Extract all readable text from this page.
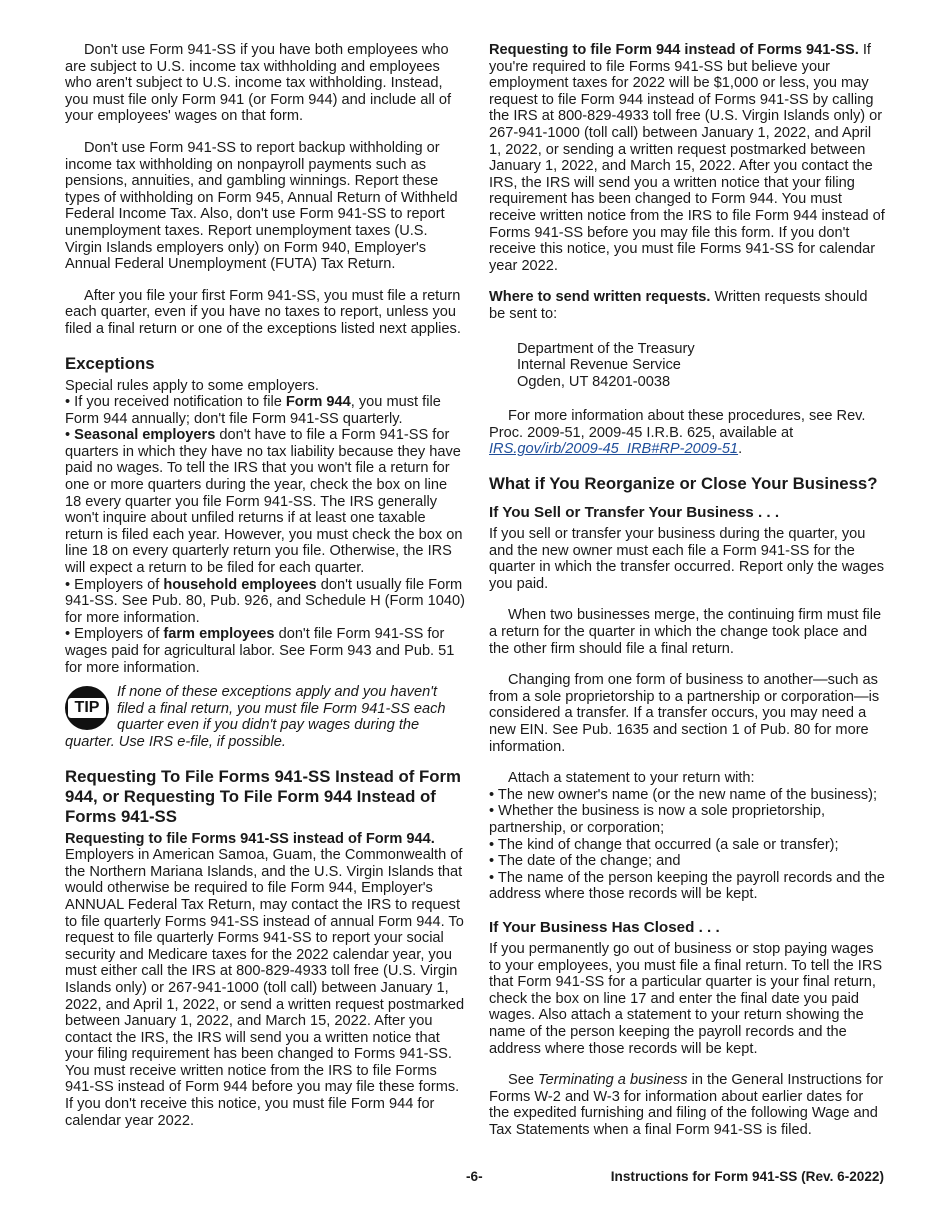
Don't use Form 941-SS if you have both employees who are subject to U.S. income tax withholding and employees who aren't subject to U.S. income tax withholding. Instead, you must file only Form 941 (or Form 944) and include all of your employees' wages on that form.

Don't use Form 941-SS to report backup withholding or income tax withholding on nonpayroll payments such as pensions, annuities, and gambling winnings. Report these types of withholding on Form 945, Annual Return of Withheld Federal Income Tax. Also, don't use Form 941-SS to report unemployment taxes. Report unemployment taxes (U.S. Virgin Islands employers only) on Form 940, Employer's Annual Federal Unemployment (FUTA) Tax Return.

After you file your first Form 941-SS, you must file a return each quarter, even if you have no taxes to report, unless you filed a final return or one of the exceptions listed next applies.

Exceptions
Special rules apply to some employers.
• If you received notification to file Form 944, you must file Form 944 annually; don't file Form 941-SS quarterly.
• Seasonal employers don't have to file a Form 941-SS for quarters in which they have no tax liability because they have paid no wages. To tell the IRS that you won't file a return for one or more quarters during the year, check the box on line 18 every quarter you file Form 941-SS. The IRS generally won't inquire about unfiled returns if at least one taxable return is filed each year. However, you must check the box on line 18 on every quarterly return you file. Otherwise, the IRS will expect a return to be filed for each quarter.
• Employers of household employees don't usually file Form 941-SS. See Pub. 80, Pub. 926, and Schedule H (Form 1040) for more information.
• Employers of farm employees don't file Form 941-SS for wages paid for agricultural labor. See Form 943 and Pub. 51 for more information.
TIP
If none of these exceptions apply and you haven't filed a final return, you must file Form 941-SS each quarter even if you didn't pay wages during the quarter. Use IRS e-file, if possible.
Requesting To File Forms 941-SS Instead of Form 944, or Requesting To File Form 944 Instead of Forms 941-SS

Requesting to file Forms 941-SS instead of Form 944. Employers in American Samoa, Guam, the Commonwealth of the Northern Mariana Islands, and the U.S. Virgin Islands that would otherwise be required to file Form 944, Employer's ANNUAL Federal Tax Return, may contact the IRS to request to file quarterly Forms 941-SS instead of annual Form 944. To request to file quarterly Forms 941-SS to report your social security and Medicare taxes for the 2022 calendar year, you must either call the IRS at 800-829-4933 toll free (U.S. Virgin Islands only) or 267-941-1000 (toll call) between January 1, 2022, and April 1, 2022, or send a written request postmarked between January 1, 2022, and March 15, 2022. After you contact the IRS, the IRS will send you a written notice that your filing requirement has been changed to Forms 941-SS. You must receive written notice from the IRS to file Forms 941-SS instead of Form 944 before you may file these forms. If you don't receive this notice, you must file Form 944 for calendar year 2022.

Requesting to file Form 944 instead of Forms 941-SS. If you're required to file Forms 941-SS but believe your employment taxes for 2022 will be $1,000 or less, you may request to file Form 944 instead of Forms 941-SS by calling the IRS at 800-829-4933 toll free (U.S. Virgin Islands only) or 267-941-1000 (toll call) between January 1, 2022, and April 1, 2022, or sending a written request postmarked between January 1, 2022, and March 15, 2022. After you contact the IRS, the IRS will send you a written notice that your filing requirement has been changed to Form 944. You must receive written notice from the IRS to file Form 944 instead of Forms 941-SS before you may file this form. If you don't receive this notice, you must file Forms 941-SS for calendar year 2022.

Where to send written requests. Written requests should be sent to:

Department of the Treasury
Internal Revenue Service
Ogden, UT 84201-0038

For more information about these procedures, see Rev. Proc. 2009-51, 2009-45 I.R.B. 625, available at IRS.gov/irb/2009-45_IRB#RP-2009-51.

What if You Reorganize or Close Your Business?
If You Sell or Transfer Your Business . . .

If you sell or transfer your business during the quarter, you and the new owner must each file a Form 941-SS for the quarter in which the transfer occurred. Report only the wages you paid.

When two businesses merge, the continuing firm must file a return for the quarter in which the change took place and the other firm should file a final return.

Changing from one form of business to another—such as from a sole proprietorship to a partnership or corporation—is considered a transfer. If a transfer occurs, you may need a new EIN. See Pub. 1635 and section 1 of Pub. 80 for more information.

Attach a statement to your return with:
• The new owner's name (or the new name of the business);
• Whether the business is now a sole proprietorship, partnership, or corporation;
• The kind of change that occurred (a sale or transfer);
• The date of the change; and
• The name of the person keeping the payroll records and the address where those records will be kept.
If Your Business Has Closed . . .

If you permanently go out of business or stop paying wages to your employees, you must file a final return. To tell the IRS that Form 941-SS for a particular quarter is your final return, check the box on line 17 and enter the final date you paid wages. Also attach a statement to your return showing the name of the person keeping the payroll records and the address where those records will be kept.

See Terminating a business in the General Instructions for Forms W-2 and W-3 for information about earlier dates for the expedited furnishing and filing of the following Wage and Tax Statements when a final Form 941-SS is filed.

-6-	Instructions for Form 941-SS (Rev. 6-2022)
